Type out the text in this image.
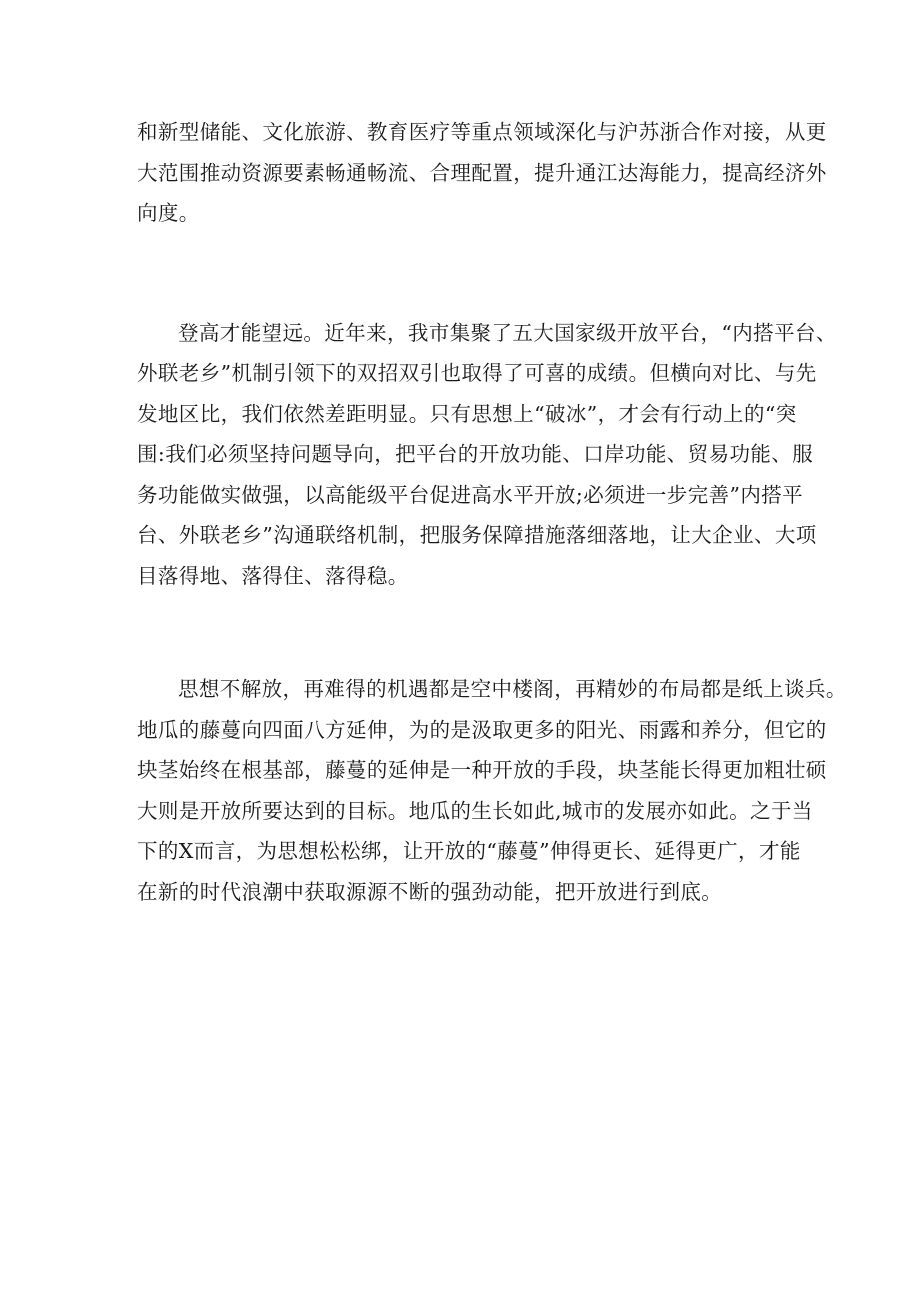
和新型储能、文化旅游、教育医疗等重点领域深化与沪苏浙合作对接，从更
大范围推动资源要素畅通畅流、合理配置，提升通江达海能力，提高经济外
向度。

登高才能望远。近年来，我市集聚了五大国家级开放平台，“内搭平台、
外联老乡”机制引领下的双招双引也取得了可喜的成绩。但横向对比、与先
发地区比，我们依然差距明显。只有思想上“破冰”，才会有行动上的“突
围:我们必须坚持问题导向，把平台的开放功能、口岸功能、贸易功能、服
务功能做实做强，以高能级平台促进高水平开放;必须进一步完善”内搭平
台、外联老乡”沟通联络机制，把服务保障措施落细落地，让大企业、大项
目落得地、落得住、落得稳。

思想不解放，再难得的机遇都是空中楼阁，再精妙的布局都是纸上谈兵。
地瓜的藤蔓向四面八方延伸，为的是汲取更多的阳光、雨露和养分，但它的
块茎始终在根基部，藤蔓的延伸是一种开放的手段，块茎能长得更加粗壮硕
大则是开放所要达到的目标。地瓜的生长如此,城市的发展亦如此。之于当
下的X而言，为思想松松绑，让开放的“藤蔓”伸得更长、延得更广，才能
在新的时代浪潮中获取源源不断的强劲动能，把开放进行到底。
